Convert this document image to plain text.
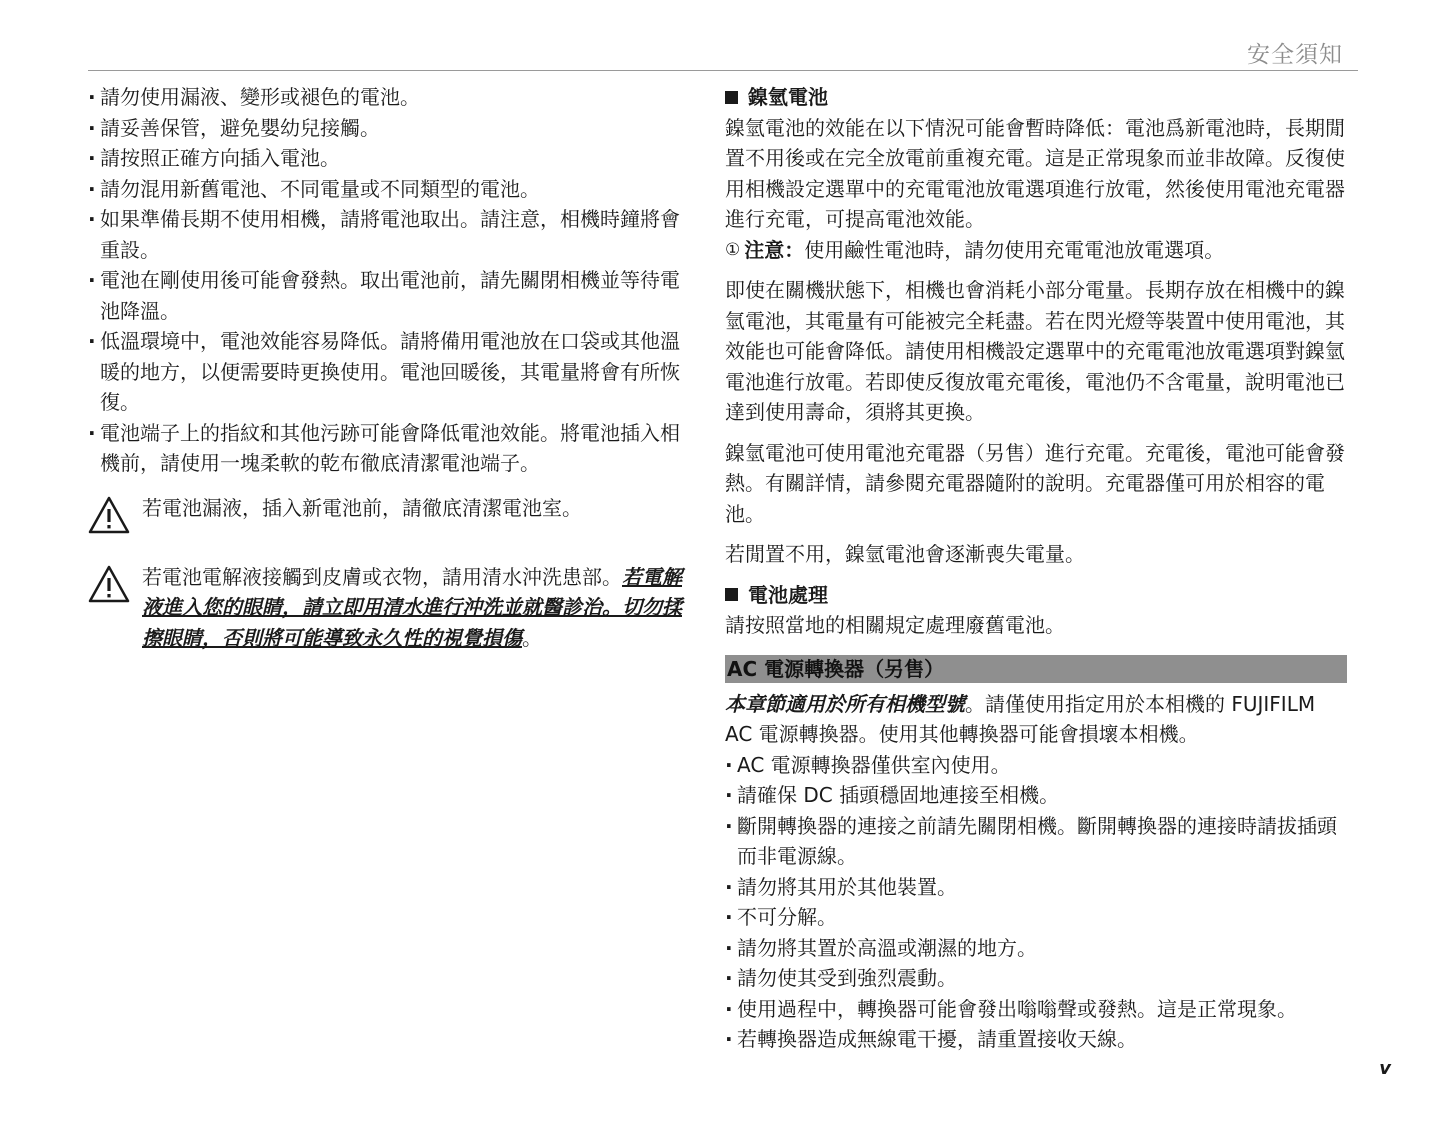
安全須知
· 請勿使用漏液、變形或褪色的電池。
· 請妥善保管，避免嬰幼兒接觸。
· 請按照正確方向插入電池。
· 請勿混用新舊電池、不同電量或不同類型的電池。
· 如果準備長期不使用相機，請將電池取出。請注意，相機時鐘將會重設。
· 電池在剛使用後可能會發熱。取出電池前，請先關閉相機並等待電池降溫。
· 低溫環境中，電池效能容易降低。請將備用電池放在口袋或其他溫暖的地方，以便需要時更換使用。電池回暖後，其電量將會有所恢復。
· 電池端子上的指紋和其他污跡可能會降低電池效能。將電池插入相機前，請使用一塊柔軟的乾布徹底清潔電池端子。
若電池漏液，插入新電池前，請徹底清潔電池室。
若電池電解液接觸到皮膚或衣物，請用清水沖洗患部。若電解液進入您的眼睛，請立即用清水進行沖洗並就醫診治。切勿揉擦眼睛，否則將可能導致永久性的視覺損傷。
鎳氫電池

鎳氫電池的效能在以下情況可能會暫時降低：電池爲新電池時，長期閒置不用後或在完全放電前重複充電。這是正常現象而並非故障。反復使用相機設定選單中的充電電池放電選項進行放電，然後使用電池充電器進行充電，可提高電池效能。

① 注意： 使用鹼性電池時，請勿使用充電電池放電選項。

即使在關機狀態下，相機也會消耗小部分電量。長期存放在相機中的鎳氫電池，其電量有可能被完全耗盡。若在閃光燈等裝置中使用電池，其效能也可能會降低。請使用相機設定選單中的充電電池放電選項對鎳氫電池進行放電。若即使反復放電充電後，電池仍不含電量，說明電池已達到使用壽命，須將其更換。

鎳氫電池可使用電池充電器（另售）進行充電。充電後，電池可能會發熱。有關詳情，請參閱充電器隨附的說明。充電器僅可用於相容的電池。

若閒置不用，鎳氫電池會逐漸喪失電量。

電池處理

請按照當地的相關規定處理廢舊電池。

AC 電源轉換器（另售）

本章節適用於所有相機型號。請僅使用指定用於本相機的 FUJIFILM AC 電源轉換器。使用其他轉換器可能會損壞本相機。

· AC 電源轉換器僅供室內使用。
· 請確保 DC 插頭穩固地連接至相機。
· 斷開轉換器的連接之前請先關閉相機。斷開轉換器的連接時請拔插頭而非電源線。
· 請勿將其用於其他裝置。
· 不可分解。
· 請勿將其置於高溫或潮濕的地方。
· 請勿使其受到強烈震動。
· 使用過程中，轉換器可能會發出嗡嗡聲或發熱。這是正常現象。
· 若轉換器造成無線電干擾，請重置接收天線。
v
